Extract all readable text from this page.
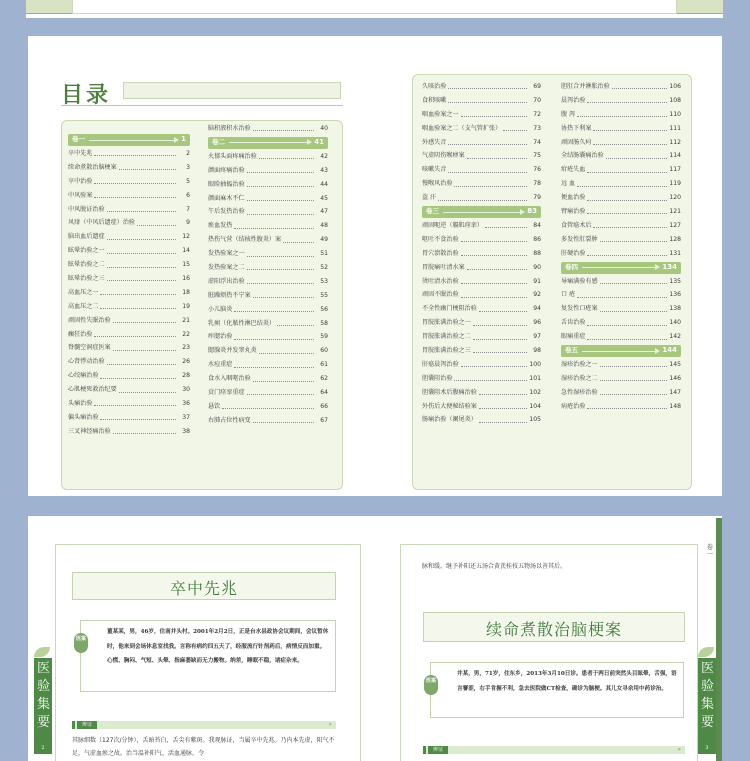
目录
卷一	1
卒中先兆	2
续命煮散治脑梗案	3
卒中治验	5
中风验案	6
中风脱证治验	7
风痱（中风后遗症）治验	9
脑出血后遗症	12
眩晕治验之一	14
眩晕治验之二	15
眩晕治验之三	16
高血压之一	18
高血压之二	19
顽固性失眠治验	21
癫狂治验	22
脊髓空洞症医案	23
心肾悸动治验	26
心绞痛治验	28
心肌梗死救治纪要	30
头痛治验	36
偏头痛治验	37
三叉神经痛治验	38
脑积液积水治验	40
卷二	41
火郁头面疼痛治验	42
颜面疼痛治验	43
眼睑抽搐治验	44
颜面麻木不仁	45
午后发热治验	47
瘀血发热	48
热伤气营（结核性腹炎）案	49
发热验案之一	51
发热验案之二	52
虚阳浮出治验	53
脏躁烦热不宁案	55
小儿脑炎	56
乳痈（化脓性淋巴结炎）	58
痄腮治验	59
腮腺炎并发睾丸炎	60
水痘重症	61
食水入咽呕治验	62
贲门痉挛重症	64
悬饮	66
右肺占位性病变	67
久咳治验	69
食积咳嗽	70
咽血验案之一	72
咽血验案之二（支气管扩张）	73
外感失音	74
气虚阴伤喉痹案	75
咳嗽失音	76
慢喉风治验	78
盗 汗	79
卷三	83
顽固呃逆（膈肌痉挛）	84
呕吐不食治验	86
胃穴溃散治验	88
胃脘痛吐清水案	90
烫吐清水治验	91
顽固不眠治验	92
不全性幽门梗阻治验	94
胃脘胀满治验之一	96
胃脘胀满治验之二	97
胃脘胀满治验之三	98
肝癌晨泻治验	100
胆囊阻治验	101
胆囊阻术后腹痛治验	102
外伤后大便秘结验案	104
肠痛治验（阑尾炎）	105
胆肛合并淋胀治验	106
晨泻治验	108
腹 泻	110
协热下利案	111
顽固肠久疴	112
全结肠囊痛治验	114
疳疮失血	117
远 血	119
便血治验	120
臂痛治验	121
食管癌术后	127
多发性肛裂肿	128
肝硬治验	131
卷四	134
导痛满验有感	135
口 疮	136
复发性口疮案	138
舌齿治验	140
眼痛重症	142
卷五	144
湿疹治验之一	145
湿疹治验之二	146
急性湿疹治验	147
病疮治验	148
医验集要
2
卒中先兆
医案
董某某，男，46岁，住南并头村。2001年2月2日，正是台水县政协会议期间，会议暂休时，他来到会场休息室找我。言称有病约四五天了，经服流行针剂药后，病情反而加重。心慌、胸闷、气短、头晕、指麻萎缺而无力搬物。纳差，睡眠不稳，诸症杂来。
辨证	»
其脉细数（127次/分钟），舌暗苔白，舌尖有紫斑。我观脉证，当属卒中先兆。乃内本先虚，阳气不足，气虚血瘀之故。治当温补阳气，活血通脉，令
脉和缓。继予补阳还五汤合黄芪桂枝五物汤以善其后。
续命煮散治脑梗案
医案
井某，男，71岁，住东乡，2013年3月10日诊。患者于两日前突然头目眩晕，舌强，语言謇涩，右手肯握不利，急去医院做CT检查，确诊为脑梗。其儿女寻余用中药诊治。
辨证	»
医验集要
3
卷一
